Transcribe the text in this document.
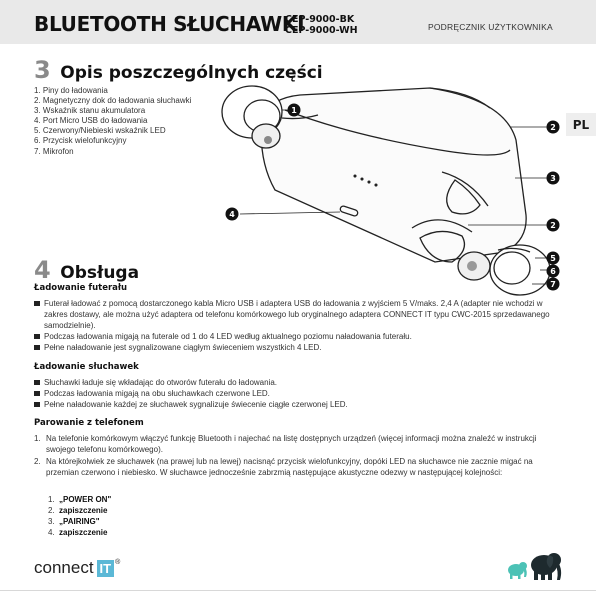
BLUETOOTH SŁUCHAWKI
CEP-9000-BK
CEP-9000-WH	PODRĘCZNIK UŻYTKOWNIKA
PL
3 Opis poszczególnych części
1. Piny do ładowania
2. Magnetyczny dok do ładowania słuchawki
3. Wskaźnik stanu akumulatora
4. Port Micro USB do ładowania
5. Czerwony/Niebieski wskaźnik LED
6. Przycisk wielofunkcyjny
7. Mikrofon
1
2
3
4
2
5
6
7
4 Obsługa
Ładowanie futerału
Futerał ładować z pomocą dostarczonego kabla Micro USB i adaptera USB do ładowania z wyjściem 5 V/maks. 2,4 A (adapter nie wchodzi w zakres dostawy, ale można użyć adaptera od telefonu komórkowego lub oryginalnego adaptera CONNECT IT typu CWC-2015 sprzedawanego samodzielnie).
Podczas ładowania migają na futerale od 1 do 4 LED według aktualnego poziomu naładowania futerału.
Pełne naładowanie jest sygnalizowane ciągłym świeceniem wszystkich 4 LED.
Ładowanie słuchawek
Słuchawki ładuje się wkładając do otworów futerału do ładowania.
Podczas ładowania migają na obu słuchawkach czerwone LED.
Pełne naładowanie każdej ze słuchawek sygnalizuje świecenie ciągłe czerwonej LED.
Parowanie z telefonem
1. Na telefonie komórkowym włączyć funkcję Bluetooth i najechać na listę dostępnych urządzeń (więcej informacji można znaleźć w instrukcji swojego telefonu komórkowego).
2. Na którejkolwiek ze słuchawek (na prawej lub na lewej) nacisnąć przycisk wielofunkcyjny, dopóki LED na słuchawce nie zacznie migać na przemian czerwono i niebiesko. W słuchawce jednocześnie zabrzmią następujące akustyczne odezwy w następującej kolejności:
1. „POWER ON"
2. zapiszczenie
3. „PAIRING"
4. zapiszczenie
connect IT ®
